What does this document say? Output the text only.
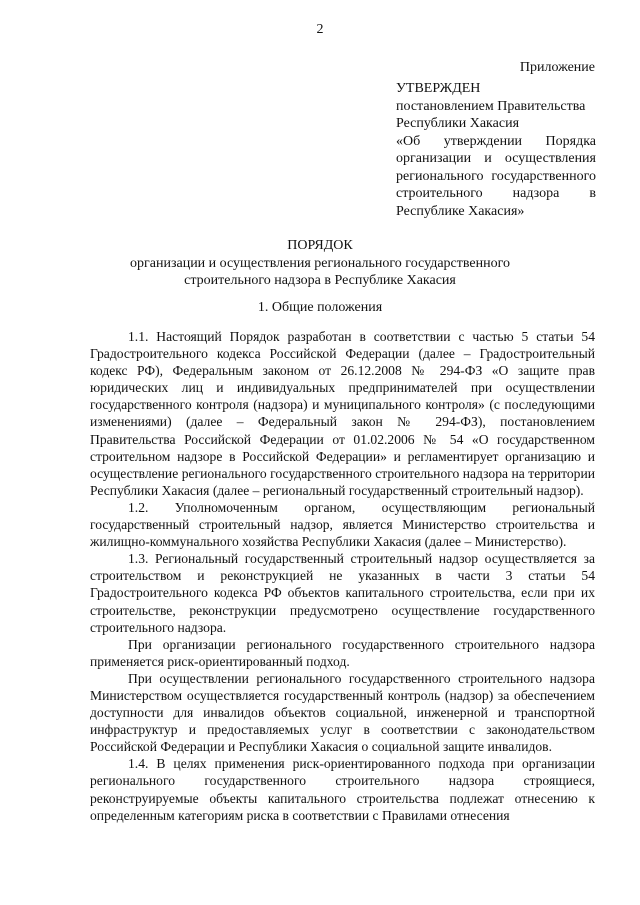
2
Приложение
УТВЕРЖДЕН
постановлением Правительства
Республики Хакасия
«Об утверждении Порядка организации и осуществления регионального государственного строительного надзора в Республике Хакасия»
ПОРЯДОК
организации и осуществления регионального государственного строительного надзора в Республике Хакасия
1. Общие положения

1.1. Настоящий Порядок разработан в соответствии с частью 5 статьи 54 Градостроительного кодекса Российской Федерации (далее – Градостроительный кодекс РФ), Федеральным законом от 26.12.2008 № 294-ФЗ «О защите прав юридических лиц и индивидуальных предпринимателей при осуществлении государственного контроля (надзора) и муниципального контроля» (с последующими изменениями) (далее – Федеральный закон № 294-ФЗ), постановлением Правительства Российской Федерации от 01.02.2006 № 54 «О государственном строительном надзоре в Российской Федерации» и регламентирует организацию и осуществление регионального государственного строительного надзора на территории Республики Хакасия (далее – региональный государственный строительный надзор).

1.2. Уполномоченным органом, осуществляющим региональный государственный строительный надзор, является Министерство строительства и жилищно-коммунального хозяйства Республики Хакасия (далее – Министерство).

1.3. Региональный государственный строительный надзор осуществляется за строительством и реконструкцией не указанных в части 3 статьи 54 Градостроительного кодекса РФ объектов капитального строительства, если при их строительстве, реконструкции предусмотрено осуществление государственного строительного надзора.

При организации регионального государственного строительного надзора применяется риск-ориентированный подход.

При осуществлении регионального государственного строительного надзора Министерством осуществляется государственный контроль (надзор) за обеспечением доступности для инвалидов объектов социальной, инженерной и транспортной инфраструктур и предоставляемых услуг в соответствии с законодательством Российской Федерации и Республики Хакасия о социальной защите инвалидов.

1.4. В целях применения риск-ориентированного подхода при организации регионального государственного строительного надзора строящиеся, реконструируемые объекты капитального строительства подлежат отнесению к определенным категориям риска в соответствии с Правилами отнесения
